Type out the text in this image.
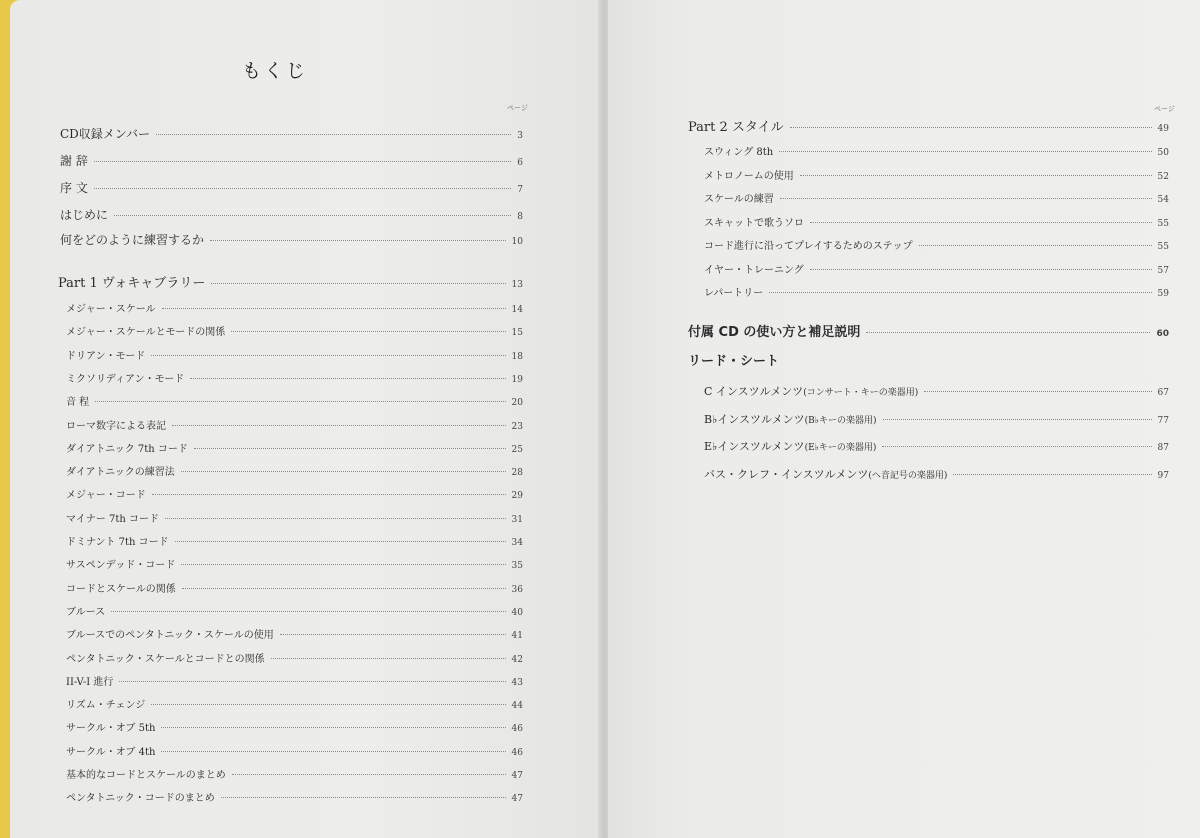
もくじ
ページ
CD収録メンバー	3
謝 辞	6
序 文	7
はじめに	8
何をどのように練習するか	10
Part 1 ヴォキャブラリー	13
メジャー・スケール	14
メジャー・スケールとモードの関係	15
ドリアン・モード	18
ミクソリディアン・モード	19
音 程	20
ローマ数字による表記	23
ダイアトニック 7th コード	25
ダイアトニックの練習法	28
メジャー・コード	29
マイナー 7th コード	31
ドミナント 7th コード	34
サスペンデッド・コード	35
コードとスケールの関係	36
ブルース	40
ブルースでのペンタトニック・スケールの使用	41
ペンタトニック・スケールとコードとの関係	42
II-V-I 進行	43
リズム・チェンジ	44
サークル・オブ 5th	46
サークル・オブ 4th	46
基本的なコードとスケールのまとめ	47
ペンタトニック・コードのまとめ	47
ページ
Part 2 スタイル	49
スウィング 8th	50
メトロノームの使用	52
スケールの練習	54
スキャットで歌うソロ	55
コード進行に沿ってプレイするためのステップ	55
イヤー・トレーニング	57
レパートリー	59
付属 CD の使い方と補足説明	60
リード・シート
C インスツルメンツ(コンサート・キーの楽器用)	67
B♭インスツルメンツ(B♭キーの楽器用)	77
E♭インスツルメンツ(E♭キーの楽器用)	87
バス・クレフ・インスツルメンツ(ヘ音記号の楽器用)	97
